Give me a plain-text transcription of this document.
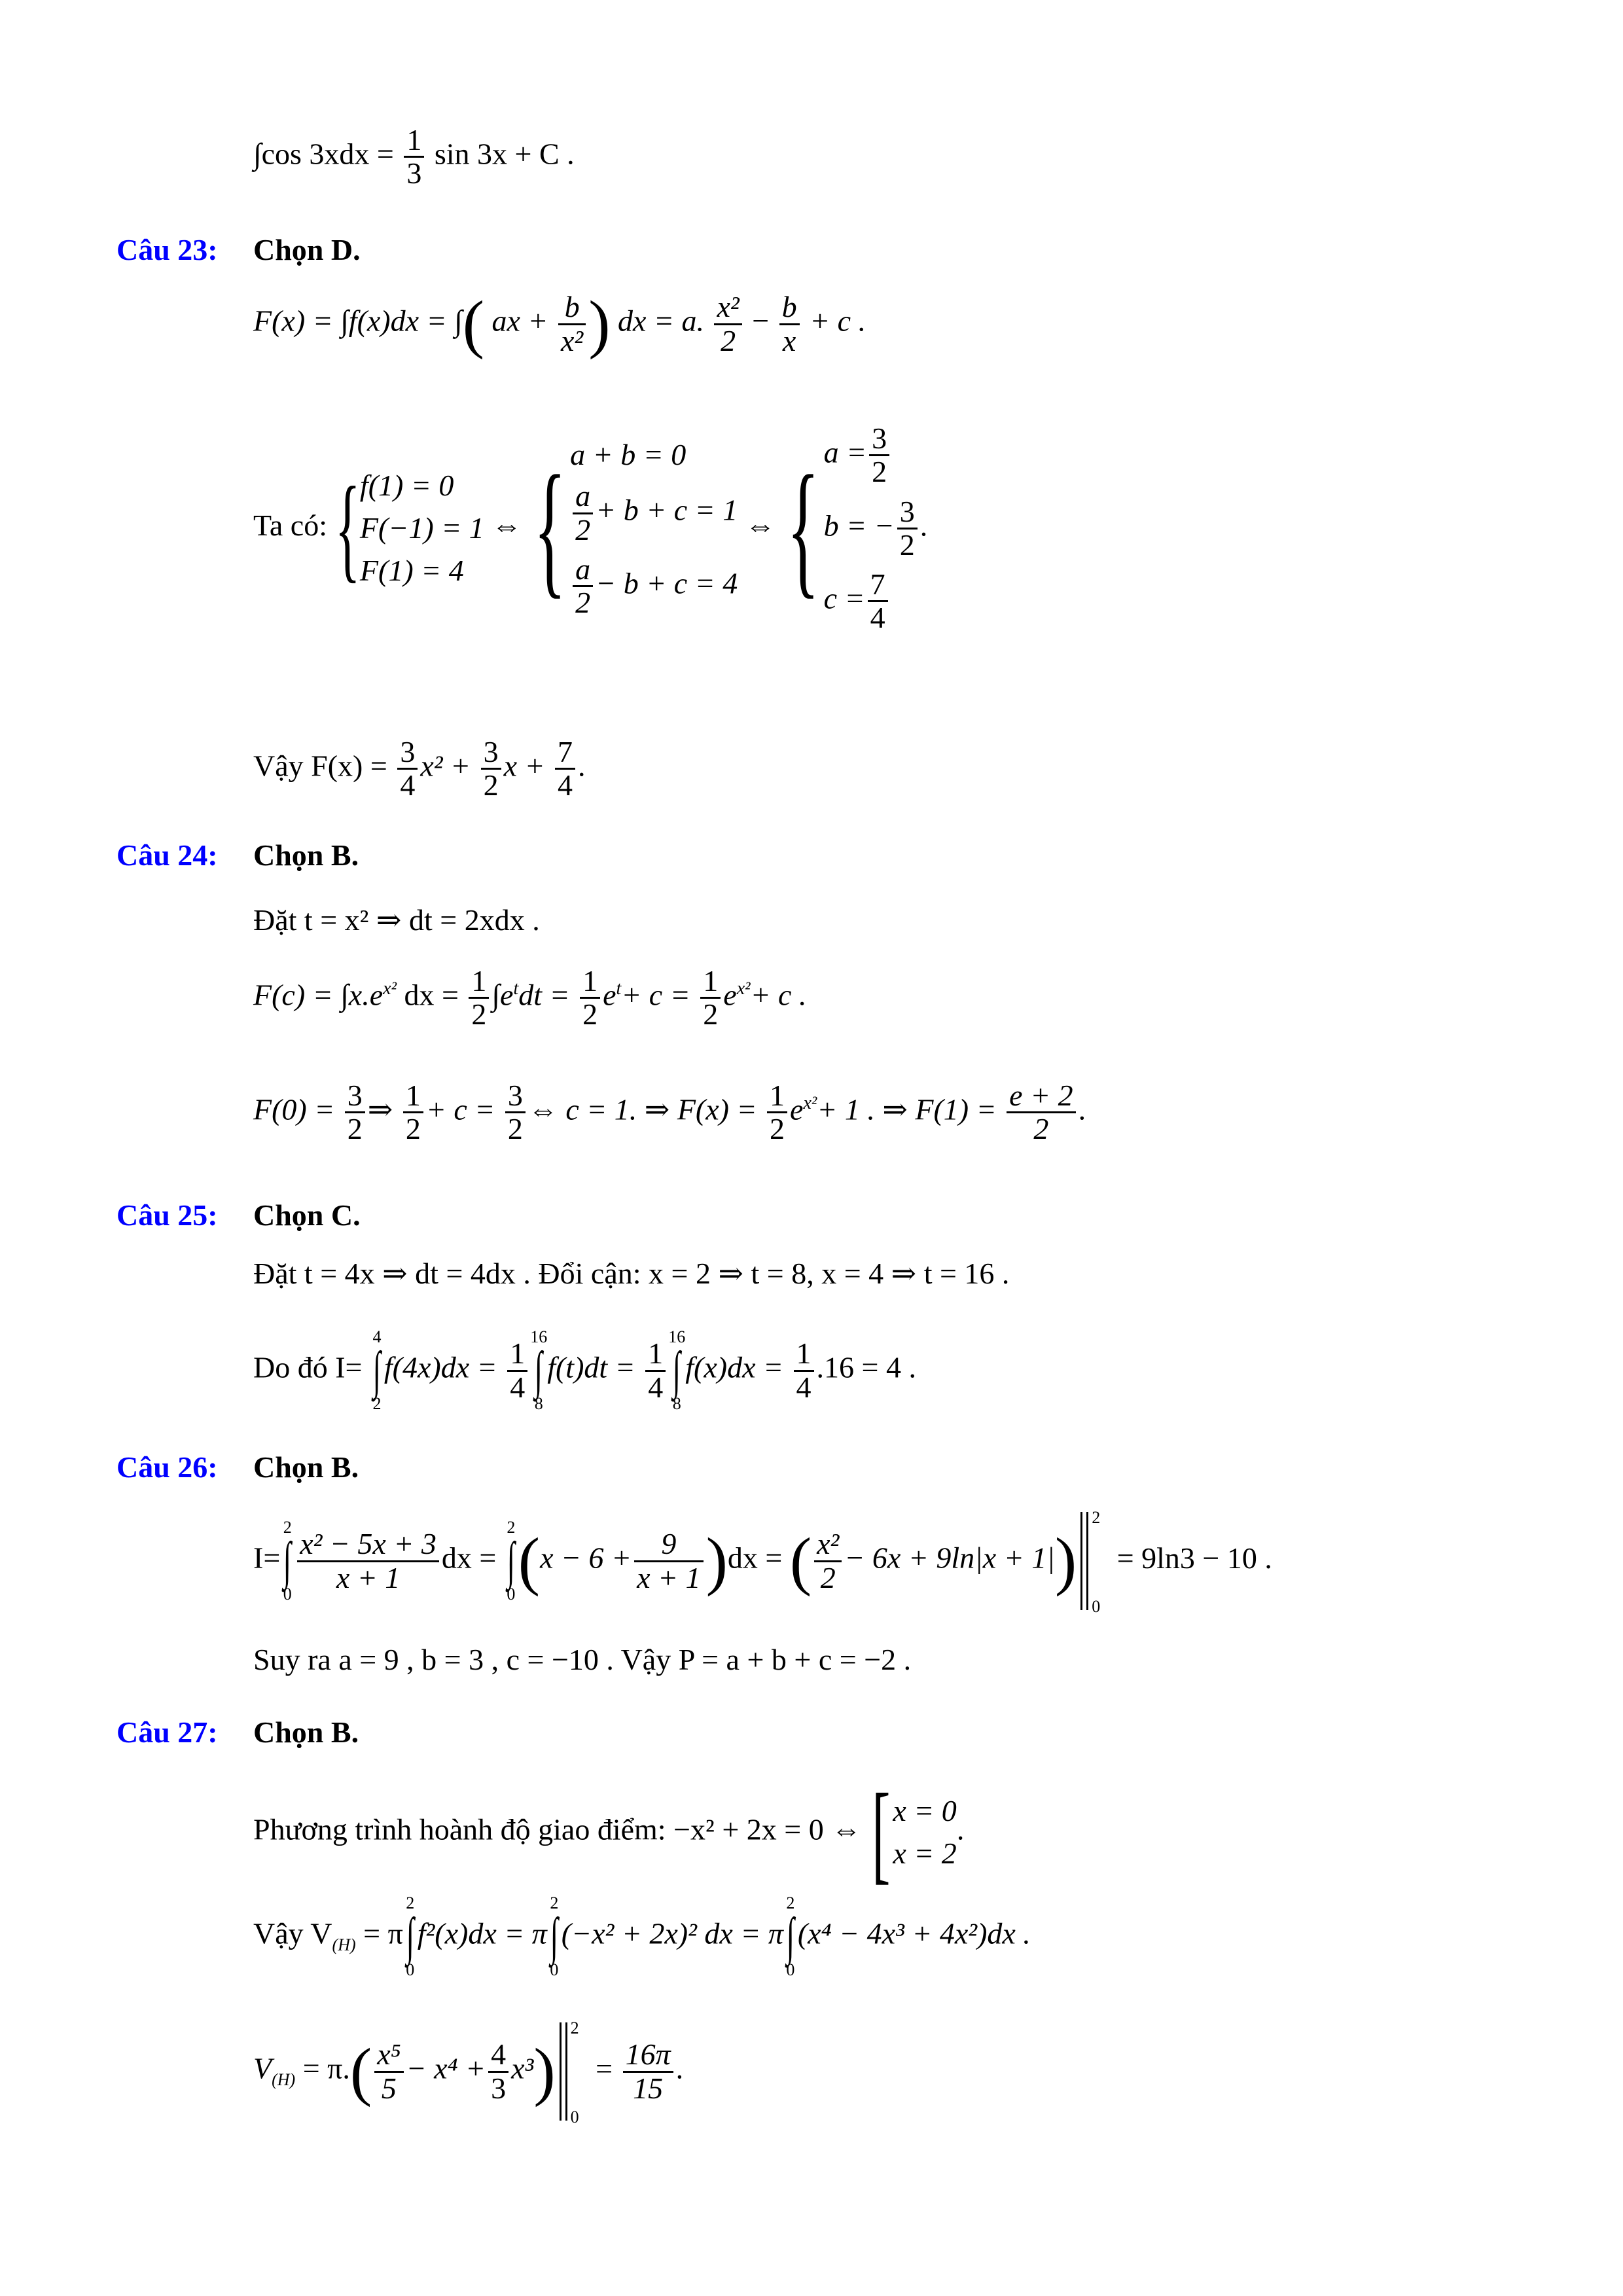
∫cos $3xdx = \frac{1}{3}$ sin 3x + C .
Câu 23: Chọn D.
F(x) = ∫f(x)dx = ∫( ax + $\frac{b}{\text{x²}}$ ) dx = a. $\frac{\text{x²}}{2} - \frac{b}{x} + c$ .
Ta có: { f(1) = 0
F(−1) = 1
F(1) = 4
⇔ { a + b = 0
$\frac{a}{2} + b + c = 1$
$\frac{a}{2} - b + c = 4$
⇔ { $a = \frac{3}{2}$
b = − $\frac{3}{2}$ .
$c = \frac{7}{4}$
Vậy $F(x) = \frac{3}{4} x^2 + \frac{3}{2}$ $x + \frac{7}{4}$ .
Câu 24: Chọn B.
Đặt t = x² ⇒ dt = 2xdx .
$F(c) = \int x.e^{x^2}$ dx = $\frac{1}{2} \int e^tdt = \frac{1}{2} e^t+ c = \frac{1}{2} e^{x^2}+ c$ .
$F(0) = \frac{3}{2}$ ⇒ $\frac{1}{2} + c = \frac{3}{2}$ ⇔ c = 1. ⇒ $F(x) = \frac{1}{2} e^{x^2}+ 1$ . ⇒ $F(1) = \frac{e + 2}{2}$ .
Câu 25: Chọn C.
Đặt t = 4x ⇒ dt = 4dx . Đổi cận: x = 2 ⇒ t = 8, x = 4 ⇒ t = 16 .
Do đó I=
4
∫
2
$f(4x)dx = \frac{1}{4}$
16
∫
8
$f(t)dt = \frac{1}{4}$
16
∫
8
$f(x)dx = \frac{1}{4} .16 = 4$ .
Câu 26: Chọn B.
I=
2
∫
0
$\frac{\text{x² − 5x + 3}}{x + 1}$ dx =
2
∫
0 $(x - 6 + \frac{9}{x + 1} )dx$ = ( $\frac{\text{x²}}{2} - 6x + 9\ln|x + 1|$)
2
0
= 9ln3 − 10 .
Suy ra a = 9 , b = 3 , c = −10 . Vậy P = a + b + c = −2 .
Câu 27: Chọn B.
Phương trình hoành độ giao điểm: −x² + 2x = 0 ⇔ [ x = 0
x = 2
.
Vậy $V_{(H)} = \pi$
2
∫
0
f²(x)dx = π
2
∫
0
(−x² + 2x)² dx = π
2
∫
0
(x⁴ − 4x³ + 4x²)dx .
$V_{(H)} = \pi.( \frac{\text{x⁵}}{5} - x^4 + \frac{4}{3} x^3)$
2
0
= $\frac{16\pi}{15}$ .
